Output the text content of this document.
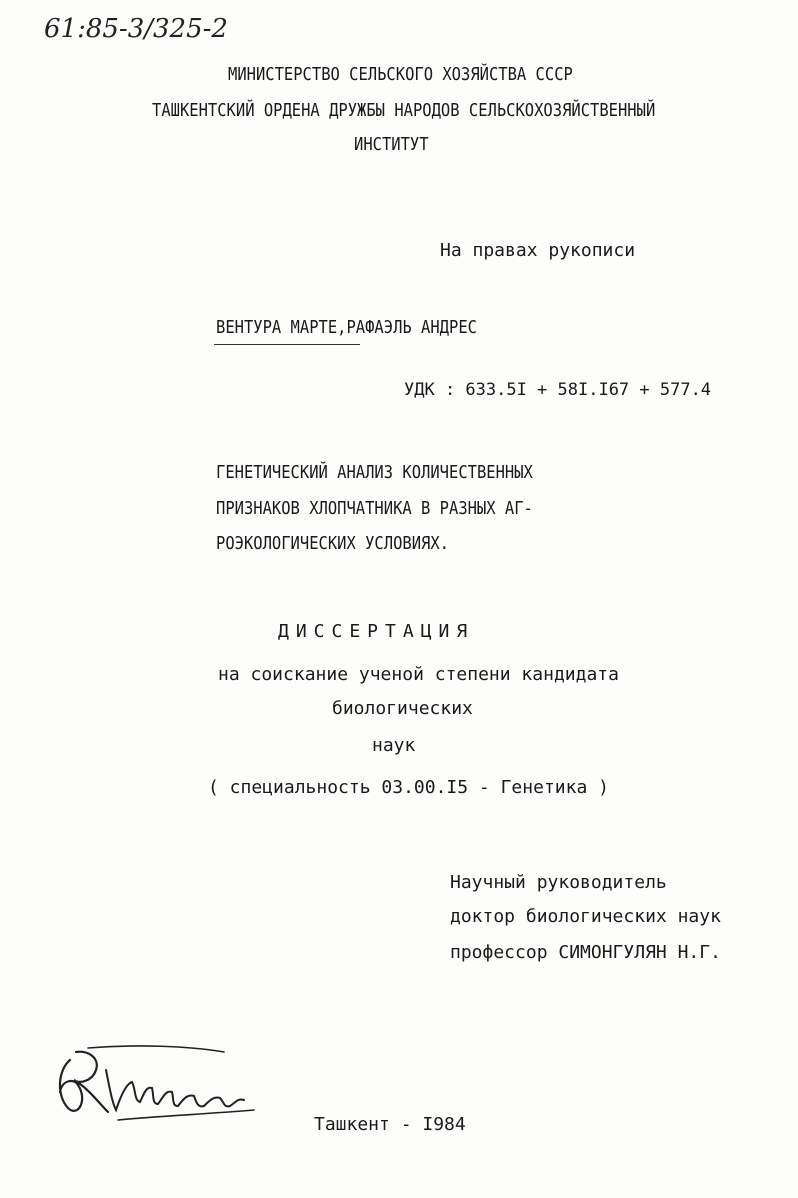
61:85-3/325-2
МИНИСТЕРСТВО СЕЛЬСКОГО ХОЗЯЙСТВА СССР
ТАШКЕНТСКИЙ ОРДЕНА ДРУЖБЫ НАРОДОВ СЕЛЬСКОХОЗЯЙСТВЕННЫЙ
ИНСТИТУТ
На правах рукописи
ВЕНТУРА МАРТЕ,РАФАЭЛЬ АНДРЕС
УДК : 633.5I + 58I.I67 + 577.4
ГЕНЕТИЧЕСКИЙ АНАЛИЗ КОЛИЧЕСТВЕННЫХ
ПРИЗНАКОВ ХЛОПЧАТНИКА В РАЗНЫХ АГ-
РОЭКОЛОГИЧЕСКИХ УСЛОВИЯХ.
ДИССЕРТАЦИЯ
на соискание ученой степени кандидата
биологических
наук
( специальность 03.00.I5 - Генетика )
Научный руководитель
доктор биологических наук
профессор СИМОНГУЛЯН Н.Г.
Ташкент - I984
